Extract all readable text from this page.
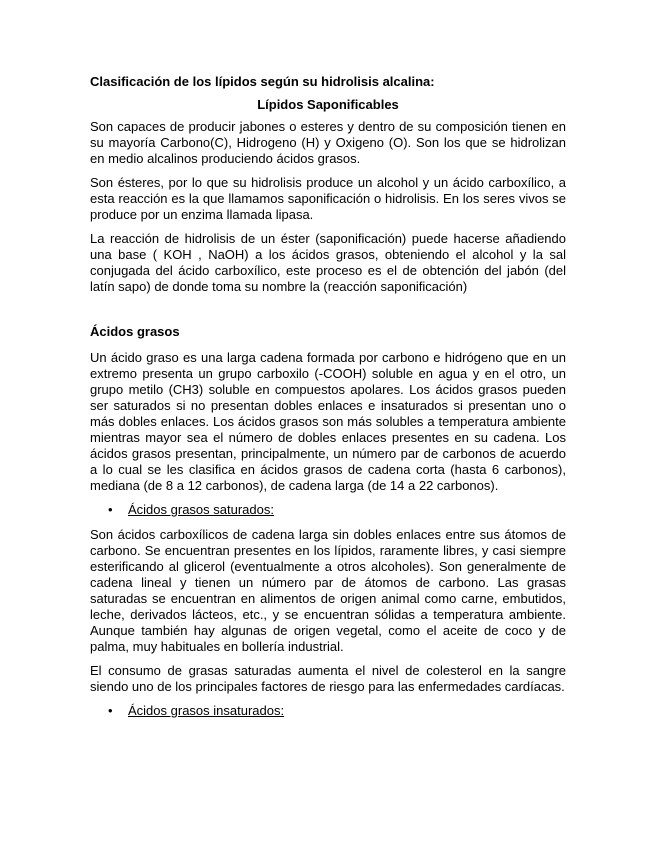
Clasificación de los lípidos según su hidrolisis alcalina:
Lípidos Saponificables

Son capaces de producir jabones o esteres y dentro de su composición tienen en su mayoría Carbono(C), Hidrogeno (H) y Oxigeno (O). Son los que se hidrolizan en medio alcalinos produciendo ácidos grasos.

Son ésteres, por lo que su hidrolisis produce un alcohol y un ácido carboxílico, a esta reacción es la que llamamos saponificación o hidrolisis. En los seres vivos se produce por un enzima llamada lipasa.

La reacción de hidrolisis de un éster (saponificación) puede hacerse añadiendo una base ( KOH , NaOH) a los ácidos grasos, obteniendo el alcohol y la sal conjugada del ácido carboxílico, este proceso es el de obtención del jabón (del latín sapo) de donde toma su nombre la (reacción saponificación)

Ácidos grasos

Un ácido graso es una larga cadena formada por carbono e hidrógeno que en un extremo presenta un grupo carboxilo (-COOH) soluble en agua y en el otro, un grupo metilo (CH3) soluble en compuestos apolares. Los ácidos grasos pueden ser saturados si no presentan dobles enlaces e insaturados si presentan uno o más dobles enlaces. Los ácidos grasos son más solubles a temperatura ambiente mientras mayor sea el número de dobles enlaces presentes en su cadena. Los ácidos grasos presentan, principalmente, un número par de carbonos de acuerdo a lo cual se les clasifica en ácidos grasos de cadena corta (hasta 6 carbonos), mediana (de 8 a 12 carbonos), de cadena larga (de 14 a 22 carbonos).

• Ácidos grasos saturados:

Son ácidos carboxílicos de cadena larga sin dobles enlaces entre sus átomos de carbono. Se encuentran presentes en los lípidos, raramente libres, y casi siempre esterificando al glicerol (eventualmente a otros alcoholes). Son generalmente de cadena lineal y tienen un número par de átomos de carbono. Las grasas saturadas se encuentran en alimentos de origen animal como carne, embutidos, leche, derivados lácteos, etc., y se encuentran sólidas a temperatura ambiente. Aunque también hay algunas de origen vegetal, como el aceite de coco y de palma, muy habituales en bollería industrial.

El consumo de grasas saturadas aumenta el nivel de colesterol en la sangre siendo uno de los principales factores de riesgo para las enfermedades cardíacas.

• Ácidos grasos insaturados:
